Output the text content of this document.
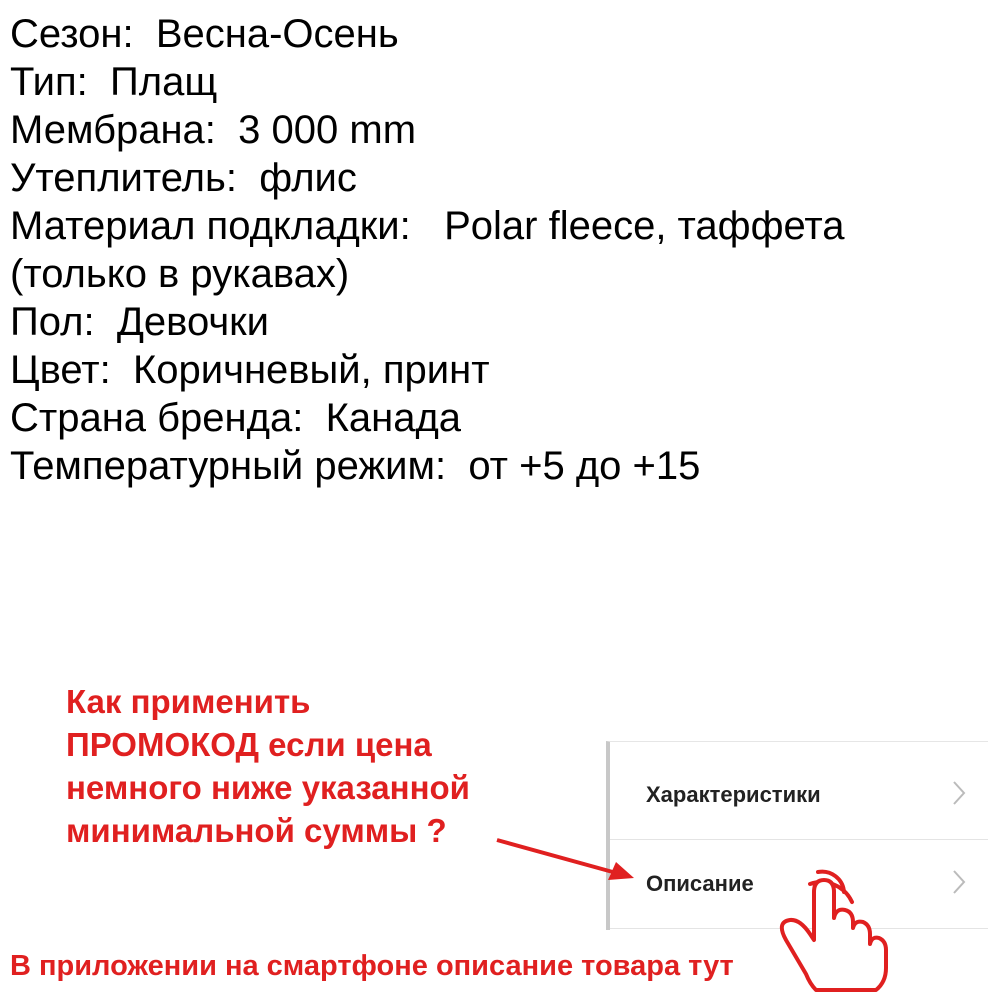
Сезон: Весна-Осень
Тип: Плащ
Мембрана: 3 000 mm
Утеплитель: флис
Материал подкладки: Polar fleece, таффета (только в рукавах)
Пол: Девочки
Цвет: Коричневый, принт
Страна бренда: Канада
Температурный режим: от +5 до +15
Как применить
ПРОМОКОД если цена
немного ниже указанной
минимальной суммы ?
Характеристики
Описание
В приложении на смартфоне описание товара тут
